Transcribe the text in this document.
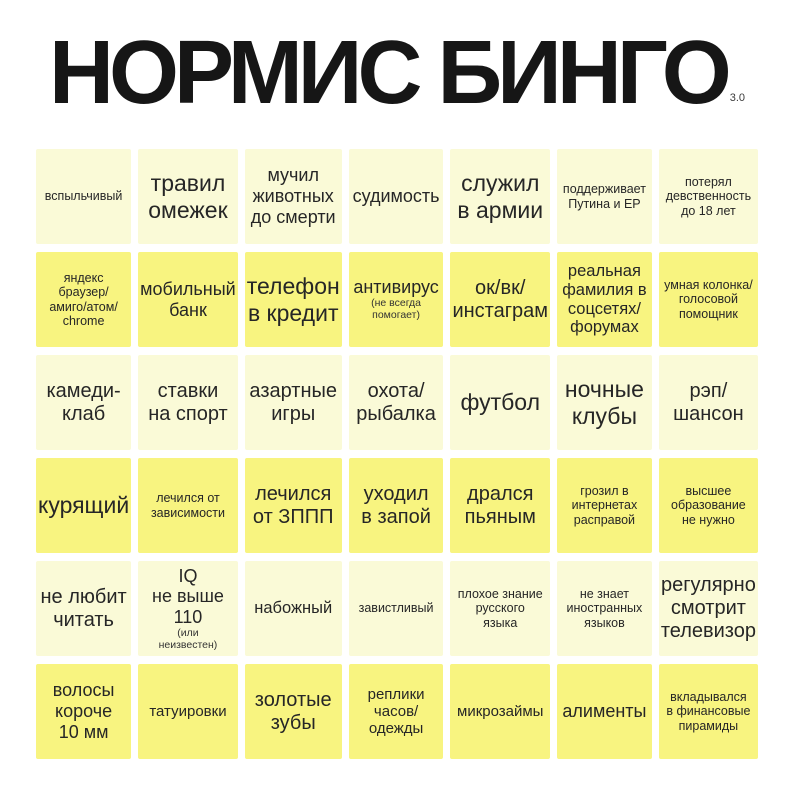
НОРМИС БИНГО 3.0
вспыльчивый
травил
омежек
мучил
животных
до смерти
судимость
служил
в армии
поддерживает
Путина и ЕР
потерял
девственность
до 18 лет
яндекс браузер/
амиго/атом/
chrome
мобильный
банк
телефон
в кредит
антивирус
(не всегда
помогает)
ок/вк/
инстаграм
реальная
фамилия в
соцсетях/
форумах
умная колонка/
голосовой
помощник
камеди-
клаб
ставки
на спорт
азартные
игры
охота/
рыбалка футбол
ночные
клубы
рэп/
шансон
курящий лечился от
зависимости
лечился
от ЗППП
уходил
в запой
дрался
пьяным
грозил в
интернетах
расправой
высшее
образование
не нужно
не любит
читать
IQ
не выше
110
(или
неизвестен)
набожный завистливый
плохое знание
русского
языка
не знает
иностранных
языков
регулярно
смотрит
телевизор
волосы
короче
10 мм
татуировки
золотые
зубы
реплики
часов/
одежды
микрозаймы алименты
вкладывался
в финансовые
пирамиды
